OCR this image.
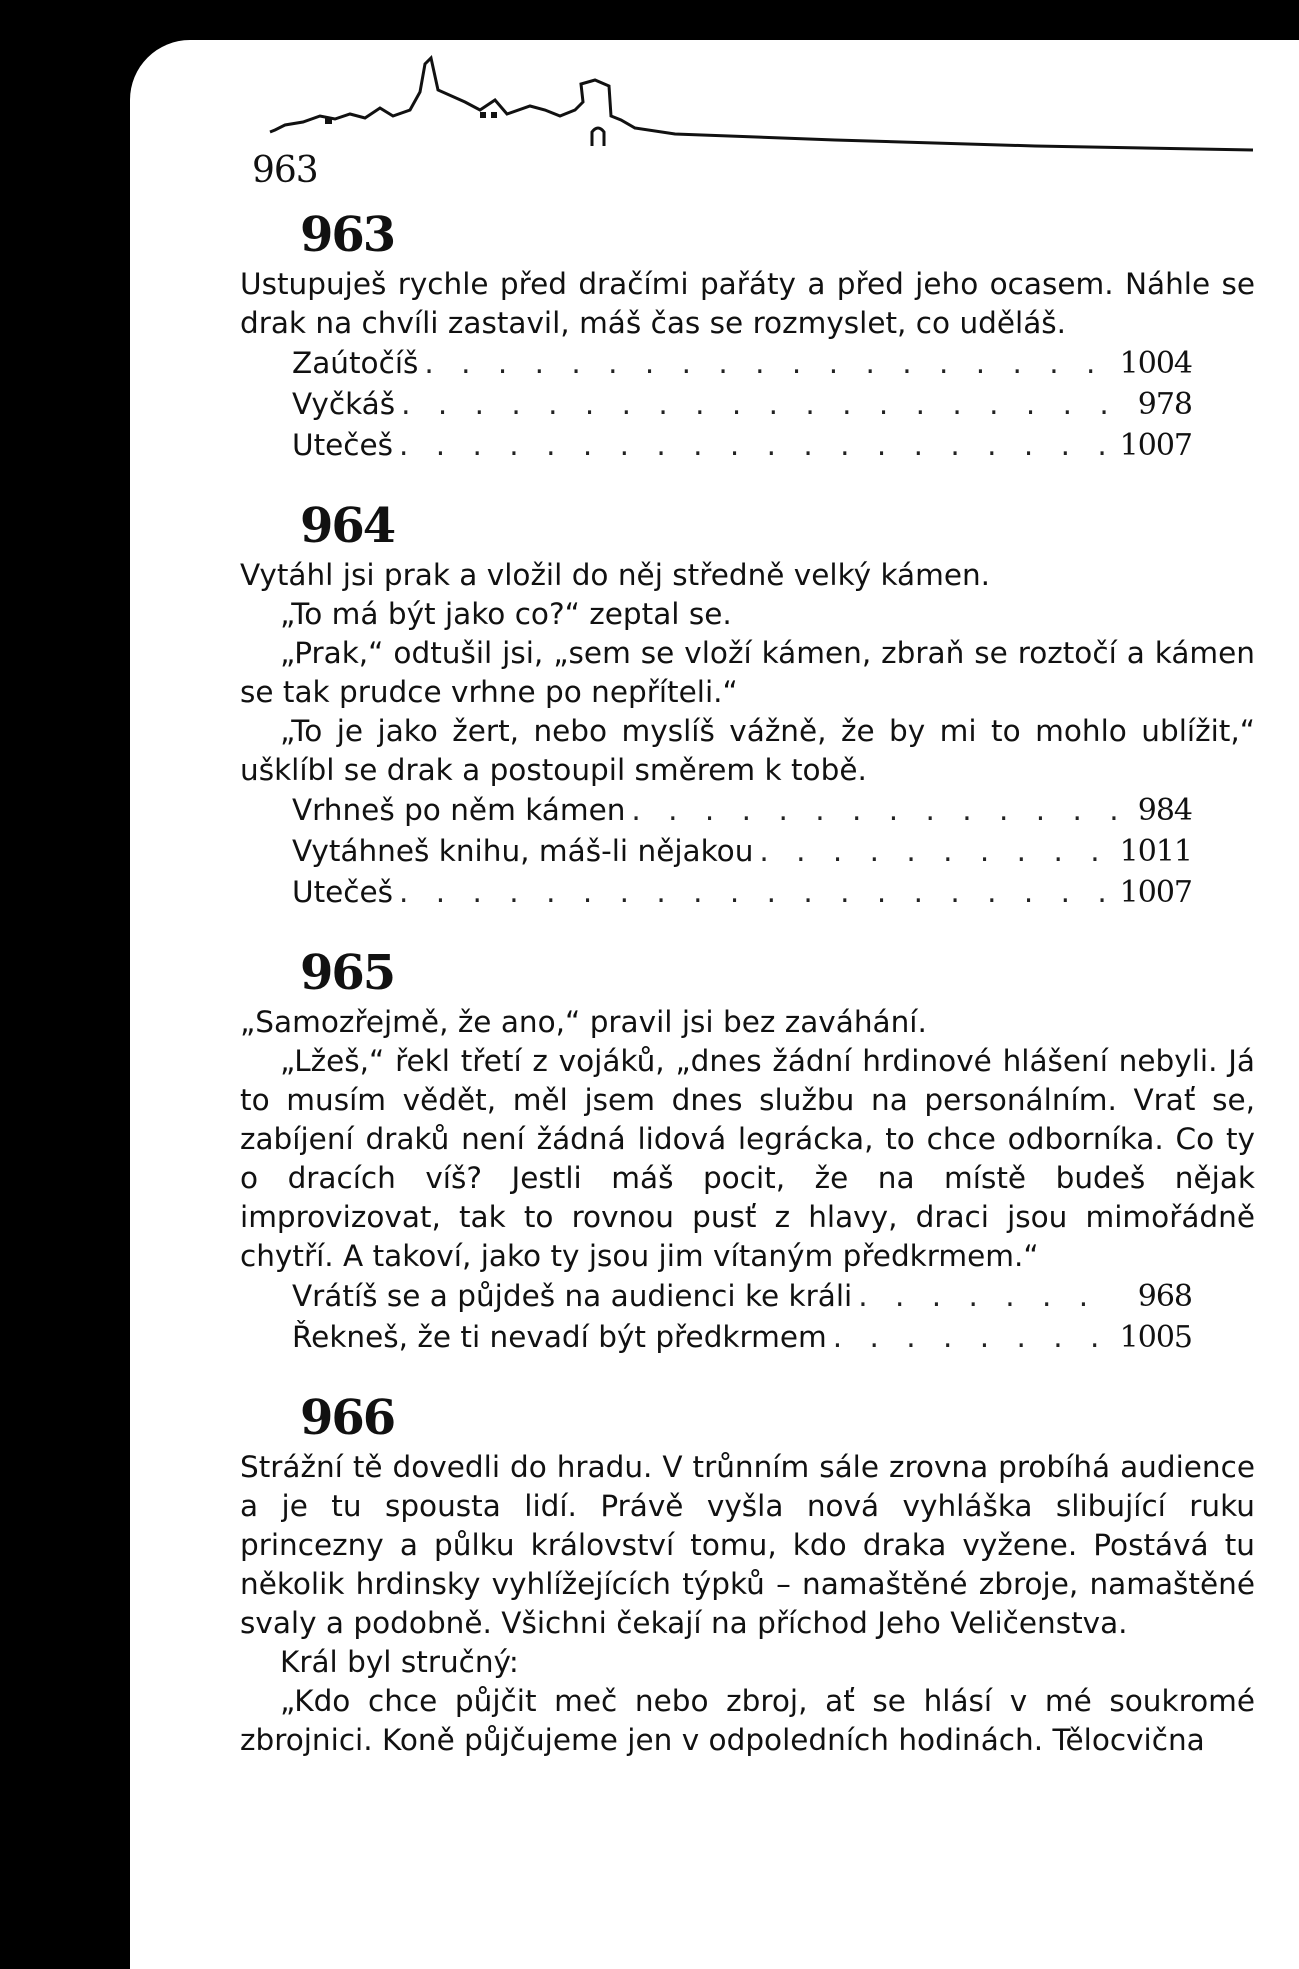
963
963
Ustupuješ rychle před dračími pařáty a před jeho ocasem. Náhle se drak na chvíli zastavil, máš čas se rozmyslet, co uděláš.
Zaútočíš . . .	1004
Vyčkáš . . .	978
Utečeš . . .	1007
964
Vytáhl jsi prak a vložil do něj středně velký kámen.
„To má být jako co?“ zeptal se.
„Prak,“ odtušil jsi, „sem se vloží kámen, zbraň se roztočí a kámen se tak prudce vrhne po nepříteli.“
„To je jako žert, nebo myslíš vážně, že by mi to mohlo ublížit,“ ušklíbl se drak a postoupil směrem k tobě.
Vrhneš po něm kámen . . .	984
Vytáhneš knihu, máš-li nějakou . . .	1011
Utečeš . . .	1007
965
„Samozřejmě, že ano,“ pravil jsi bez zaváhání.
„Lžeš,“ řekl třetí z vojáků, „dnes žádní hrdinové hlášení nebyli. Já to musím vědět, měl jsem dnes službu na personálním. Vrať se, zabíjení draků není žádná lidová legrácka, to chce odborníka. Co ty o dracích víš? Jestli máš pocit, že na místě budeš nějak improvizovat, tak to rovnou pusť z hlavy, draci jsou mimořádně chytří. A takoví, jako ty jsou jim vítaným předkrmem.“
Vrátíš se a půjdeš na audienci ke králi . . .	968
Řekneš, že ti nevadí být předkrmem . . .	1005
966
Strážní tě dovedli do hradu. V trůnním sále zrovna probíhá audience a je tu spousta lidí. Právě vyšla nová vyhláška slibující ruku princezny a půlku království tomu, kdo draka vyžene. Postává tu několik hrdinsky vyhlížejících týpků – namaštěné zbroje, namaštěné svaly a podobně. Všichni čekají na příchod Jeho Veličenstva.
Král byl stručný:
„Kdo chce půjčit meč nebo zbroj, ať se hlásí v mé soukromé zbrojnici. Koně půjčujeme jen v odpoledních hodinách. Tělocvična
